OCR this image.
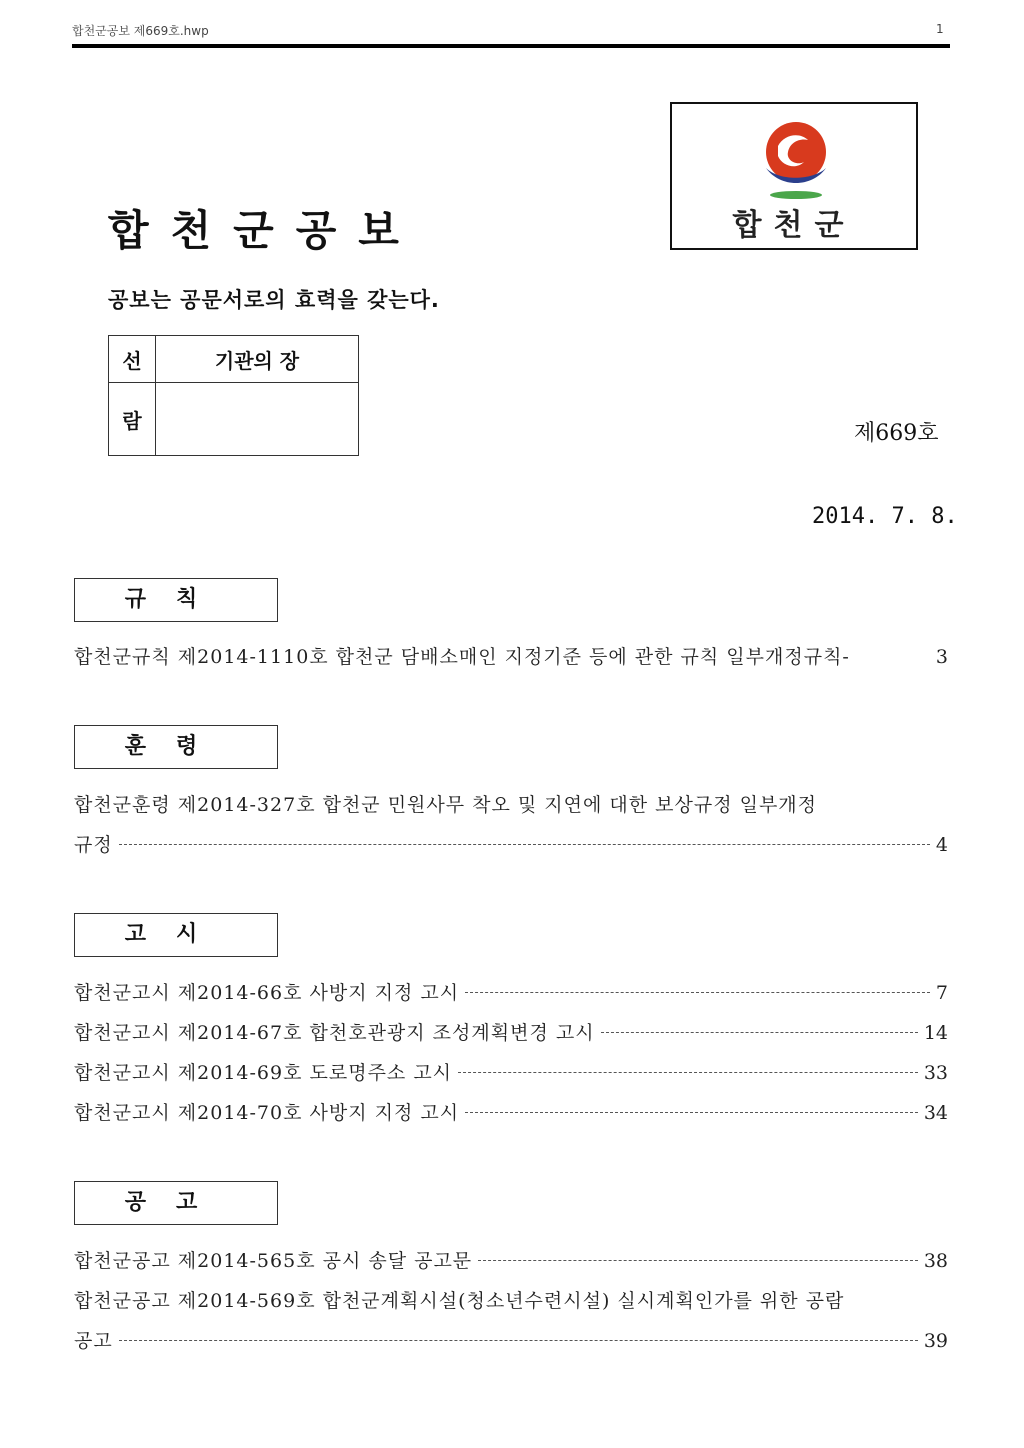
합천군공보 제669호.hwp	1
합천군공보
공보는 공문서로의 효력을 갖는다.
합천군
선	기관의 장
람	
제669호
2014. 7. 8.
규칙
합천군규칙 제2014-1110호 합천군 담배소매인 지정기준 등에 관한 규칙 일부개정규칙-	3
훈령
합천군훈령 제2014-327호 합천군 민원사무 착오 및 지연에 대한 보상규정 일부개정
규정	4
고시
합천군고시 제2014-66호 사방지 지정 고시	7
합천군고시 제2014-67호 합천호관광지 조성계획변경 고시	14
합천군고시 제2014-69호 도로명주소 고시	33
합천군고시 제2014-70호 사방지 지정 고시	34
공고
합천군공고 제2014-565호 공시 송달 공고문	38
합천군공고 제2014-569호 합천군계획시설(청소년수련시설) 실시계획인가를 위한 공람
공고	39
